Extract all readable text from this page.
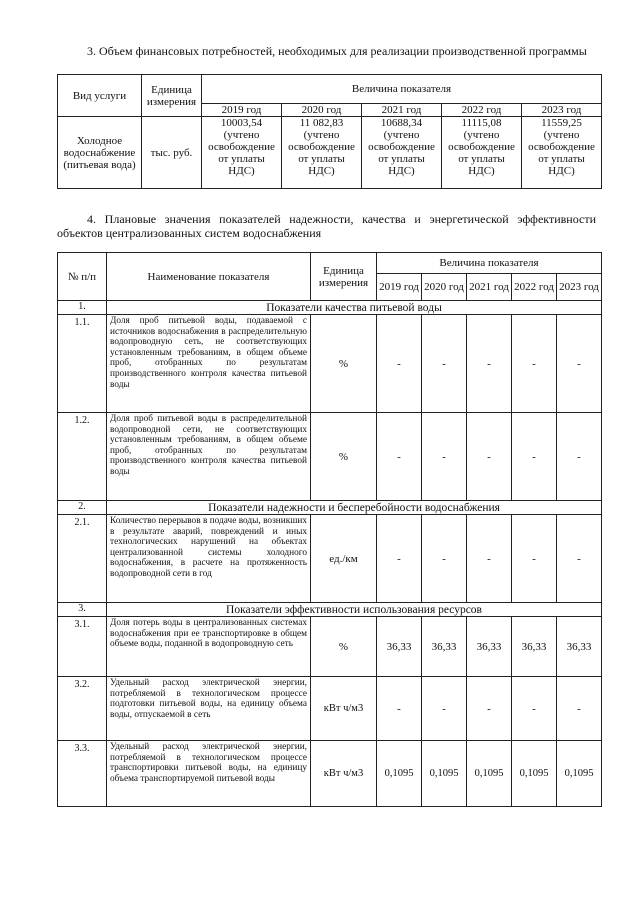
3. Объем финансовых потребностей, необходимых для реализации производственной программы

Вид услуги	Единица измерения	Величина показателя				
		2019 год	2020 год	2021 год	2022 год	2023 год
Холодное водоснабжение (питьевая вода)	тыс. руб.	10003,54 (учтено освобождение от уплаты НДС)	11 082,83 (учтено освобождение от уплаты НДС)	10688,34 (учтено освобождение от уплаты НДС)	11115,08 (учтено освобождение от уплаты НДС)	11559,25 (учтено освобождение от уплаты НДС)

4. Плановые значения показателей надежности, качества и энергетической эффективности объектов централизованных систем водоснабжения

№ п/п	Наименование показателя	Единица измерения	Величина показателя				
			2019 год	2020 год	2021 год	2022 год	2023 год
1.	Показатели качества питьевой воды						
1.1.	Доля проб питьевой воды, подаваемой с источников водоснабжения в распределительную водопроводную сеть, не соответствующих установленным требованиям, в общем объеме проб, отобранных по результатам производственного контроля качества питьевой воды	%	-	-	-	-	-
1.2.	Доля проб питьевой воды в распределительной водопроводной сети, не соответствующих установленным требованиям, в общем объеме проб, отобранных по результатам производственного контроля качества питьевой воды	%	-	-	-	-	-
2.	Показатели надежности и бесперебойности водоснабжения						
2.1.	Количество перерывов в подаче воды, возникших в результате аварий, повреждений и иных технологических нарушений на объектах централизованной системы холодного водоснабжения, в расчете на протяженность водопроводной сети в год	ед./км	-	-	-	-	-
3.	Показатели эффективности использования ресурсов						
3.1.	Доля потерь воды в централизованных системах водоснабжения при ее транспортировке в общем объеме воды, поданной в водопроводную сеть	%	36,33	36,33	36,33	36,33	36,33
3.2.	Удельный расход электрической энергии, потребляемой в технологическом процессе подготовки питьевой воды, на единицу объема воды, отпускаемой в сеть	кВт ч/м3	-	-	-	-	-
3.3.	Удельный расход электрической энергии, потребляемой в технологическом процессе транспортировки питьевой воды, на единицу объема транспортируемой питьевой воды	кВт ч/м3	0,1095	0,1095	0,1095	0,1095	0,1095
